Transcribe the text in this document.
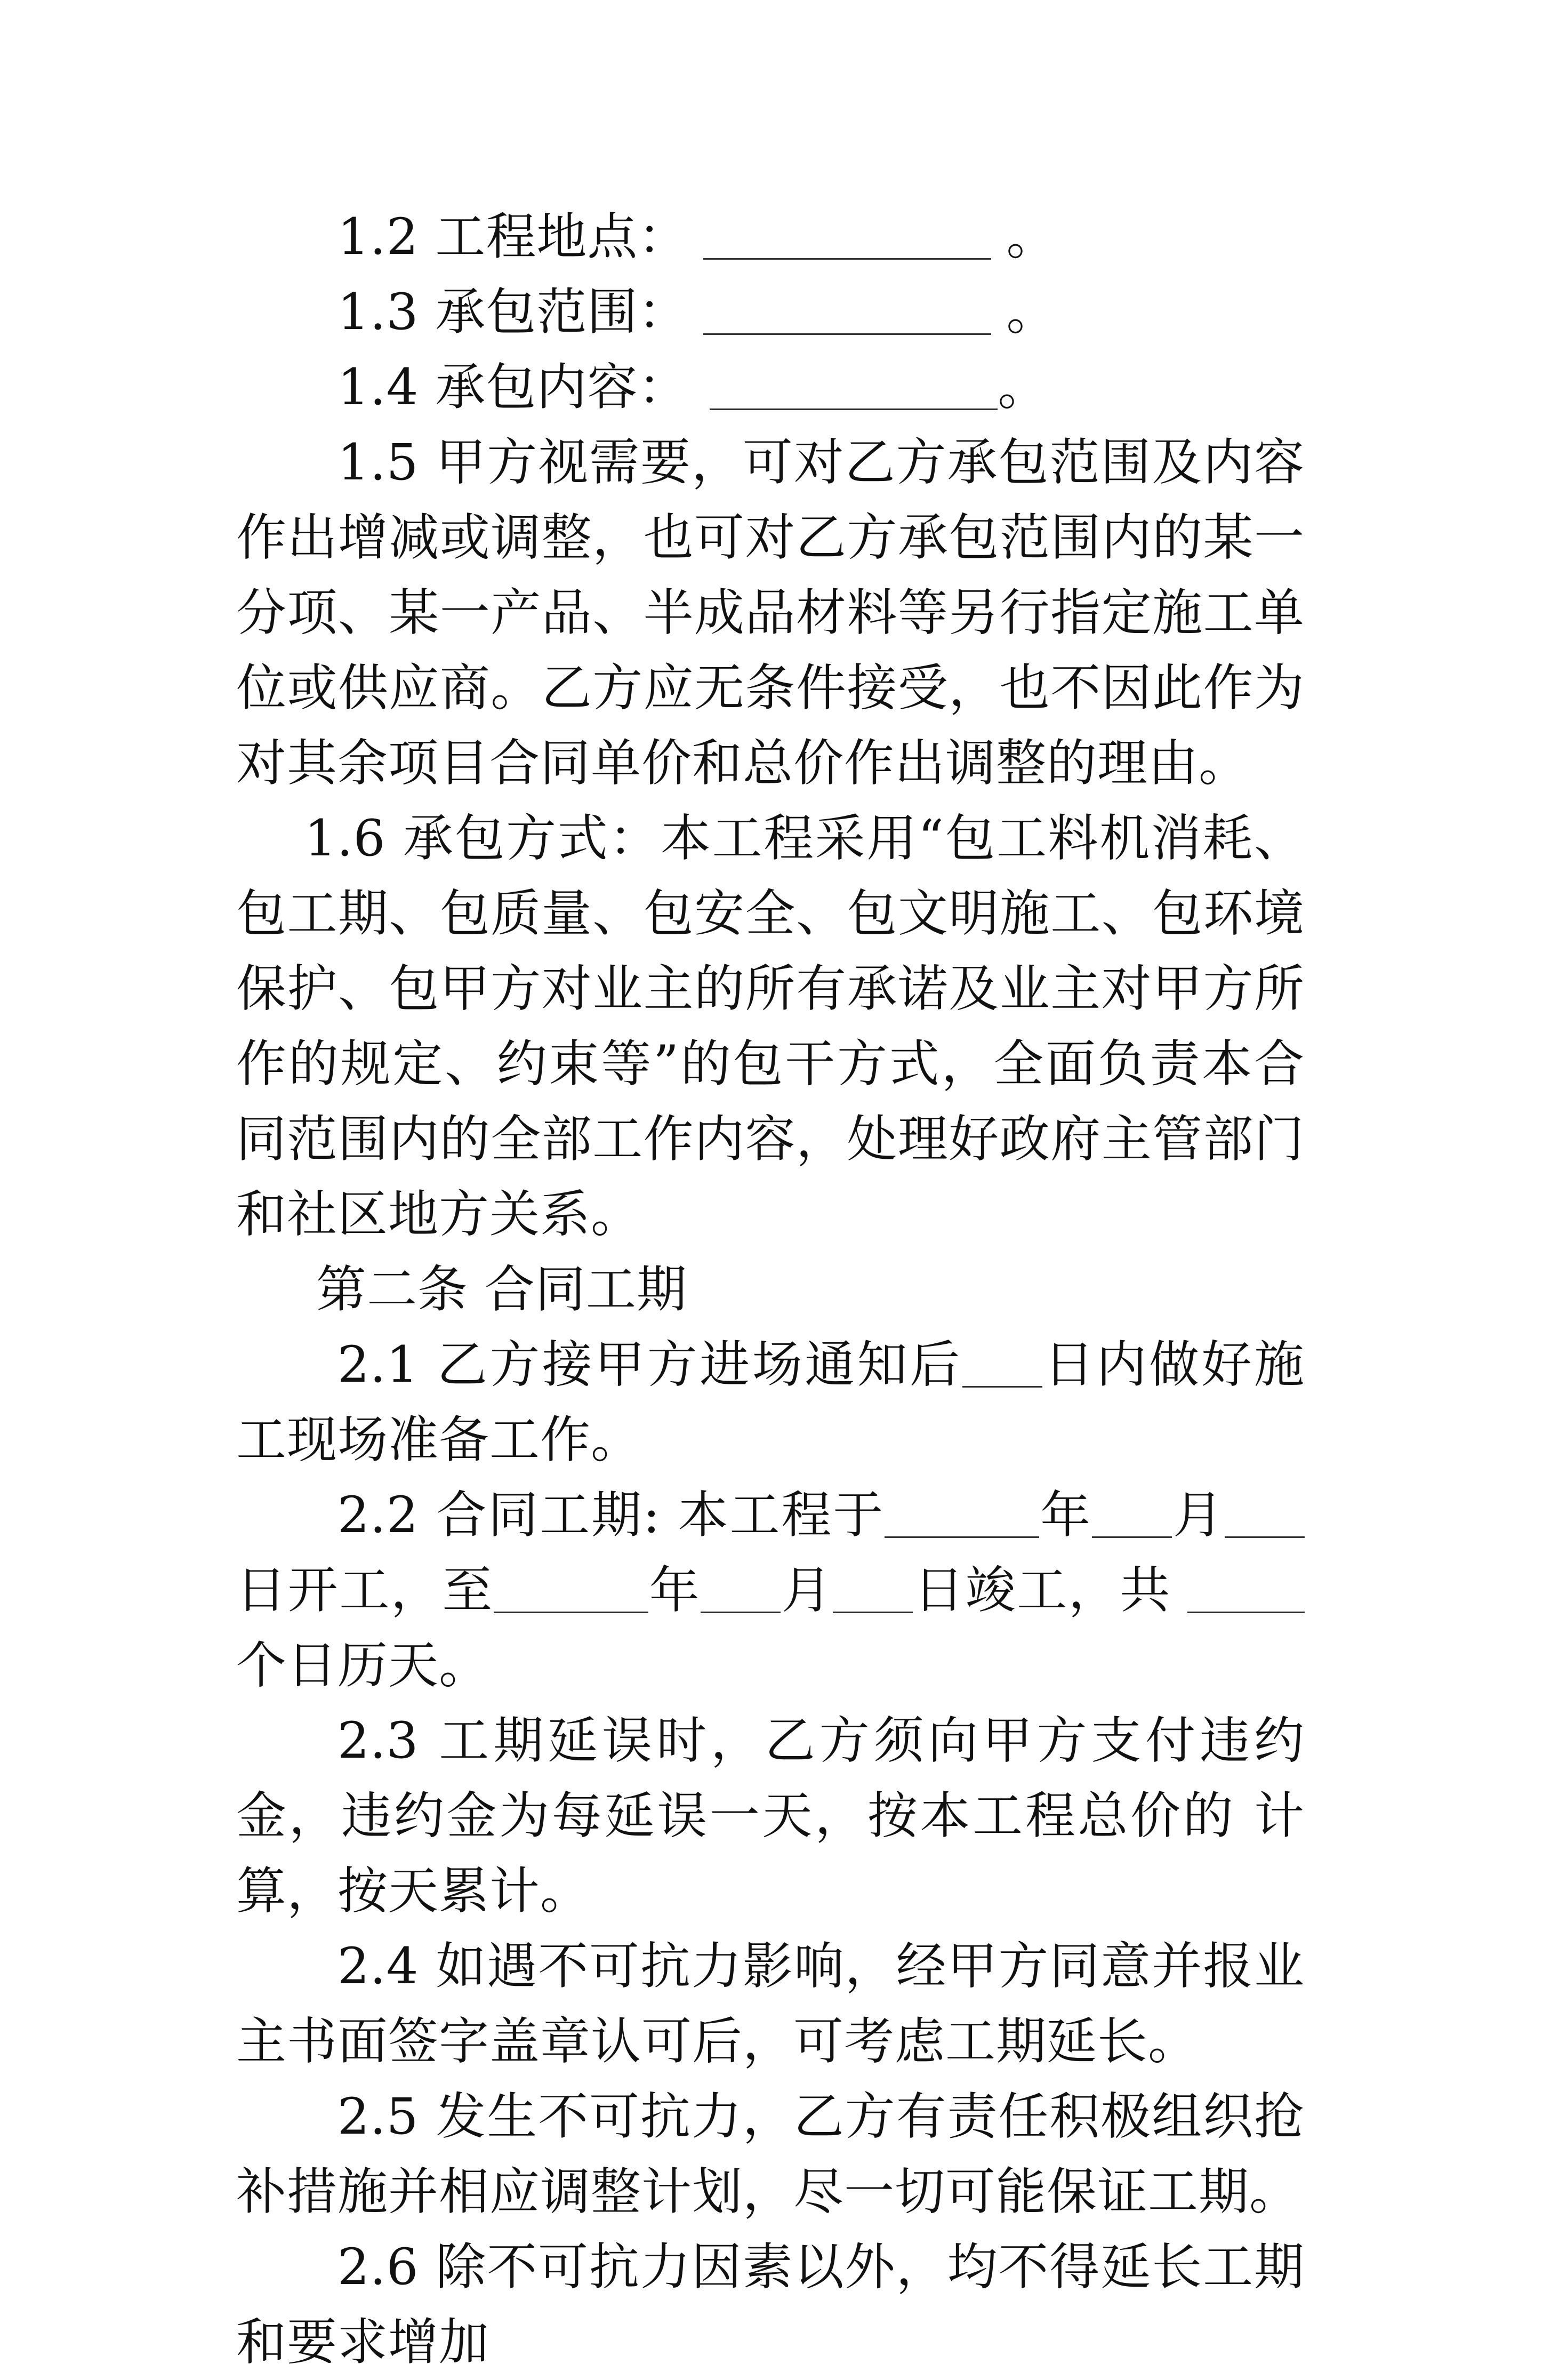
1.2 工程地点：	。

1.3 承包范围：	。

1.4 承包内容：	。

1.5 甲方视需要，可对乙方承包范围及内容作出增减或调整，也可对乙方承包范围内的某一分项、某一产品、半成品材料等另行指定施工单位或供应商。乙方应无条件接受，也不因此作为对其余项目合同单价和总价作出调整的理由。

1.6 承包方式：本工程采用“包工料机消耗、包工期、包质量、包安全、包文明施工、包环境保护、包甲方对业主的所有承诺及业主对甲方所作的规定、约束等”的包干方式，全面负责本合同范围内的全部工作内容，处理好政府主管部门和社区地方关系。

第二条 合同工期

2.1 乙方接甲方进场通知后 日内做好施工现场准备工作。

2.2 合同工期: 本工程于	年 月日开工，至	年 月 日竣工，共个日历天。

2.3 工期延误时，乙方须向甲方支付违约金，违约金为每延误一天，按本工程总价的 计算，按天累计。

2.4 如遇不可抗力影响，经甲方同意并报业主书面签字盖章认可后，可考虑工期延长。

2.5 发生不可抗力，乙方有责任积极组织抢补措施并相应调整计划，尽一切可能保证工期。

2.6 除不可抗力因素以外，均不得延长工期和要求增加
